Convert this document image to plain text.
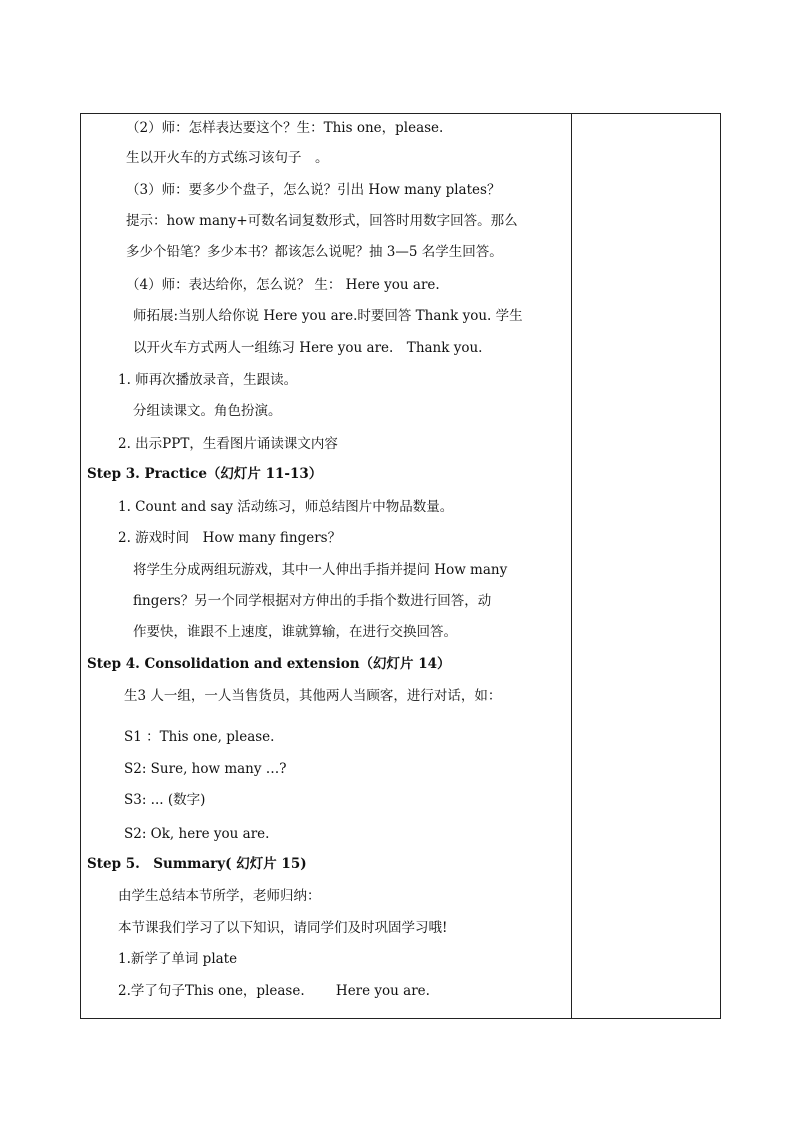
（2）师：怎样表达要这个？生：This one，please.
生以开火车的方式练习该句子　。
（3）师：要多少个盘子，怎么说？引出 How many plates？
提示：how many+可数名词复数形式，回答时用数字回答。那么
多少个铅笔？多少本书？都该怎么说呢？抽 3—5 名学生回答。
（4）师：表达给你，怎么说？ 生： Here you are.
师拓展:当别人给你说 Here you are.时要回答 Thank you. 学生
以开火车方式两人一组练习 Here you are.　Thank you.
1. 师再次播放录音，生跟读。
分组读课文。角色扮演。
2. 出示PPT，生看图片诵读课文内容
Step 3. Practice（幻灯片 11-13）
1. Count and say 活动练习，师总结图片中物品数量。
2. 游戏时间　How many fingers？
将学生分成两组玩游戏，其中一人伸出手指并提问 How many
fingers？另一个同学根据对方伸出的手指个数进行回答，动
作要快，谁跟不上速度，谁就算输，在进行交换回答。
Step 4. Consolidation and extension（幻灯片 14）
生3 人一组，一人当售货员，其他两人当顾客，进行对话，如：
S1 ：This one, please.
S2: Sure, how many …?
S3: ... (数字)
S2: Ok, here you are.
Step 5.　Summary( 幻灯片 15)
由学生总结本节所学，老师归纳：
本节课我们学习了以下知识，请同学们及时巩固学习哦!
1.新学了单词 plate
2.学了句子This one，please.　　 Here you are.
